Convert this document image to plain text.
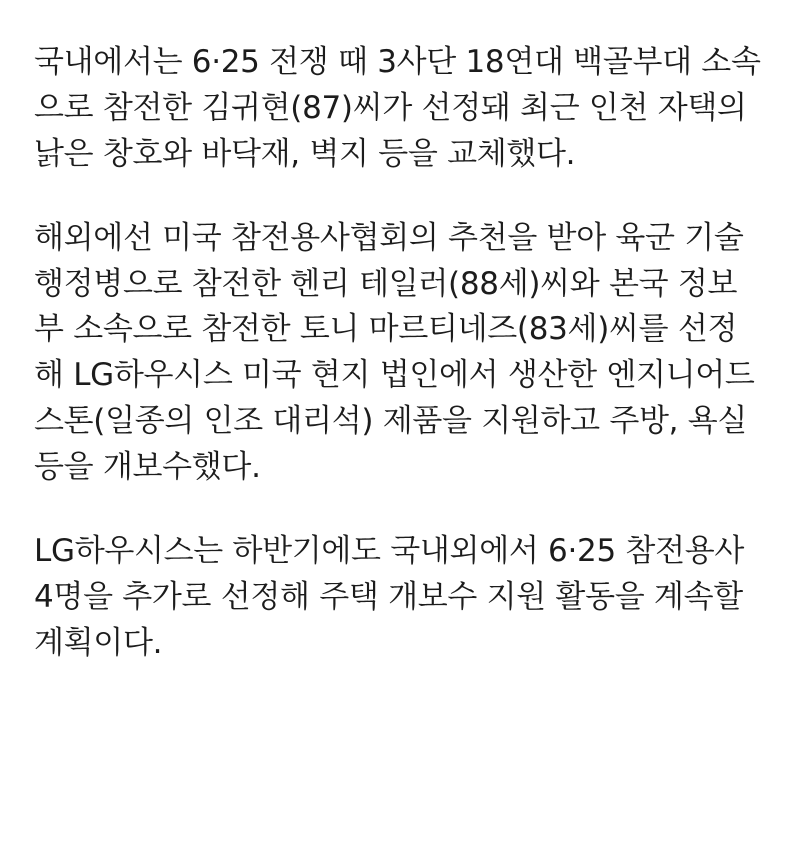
국내에서는 6·25 전쟁 때 3사단 18연대 백골부대 소속으로 참전한 김귀현(87)씨가 선정돼 최근 인천 자택의 낡은 창호와 바닥재, 벽지 등을 교체했다.

해외에선 미국 참전용사협회의 추천을 받아 육군 기술행정병으로 참전한 헨리 테일러(88세)씨와 본국 정보부 소속으로 참전한 토니 마르티네즈(83세)씨를 선정해 LG하우시스 미국 현지 법인에서 생산한 엔지니어드 스톤(일종의 인조 대리석) 제품을 지원하고 주방, 욕실 등을 개보수했다.

LG하우시스는 하반기에도 국내외에서 6·25 참전용사 4명을 추가로 선정해 주택 개보수 지원 활동을 계속할 계획이다.
